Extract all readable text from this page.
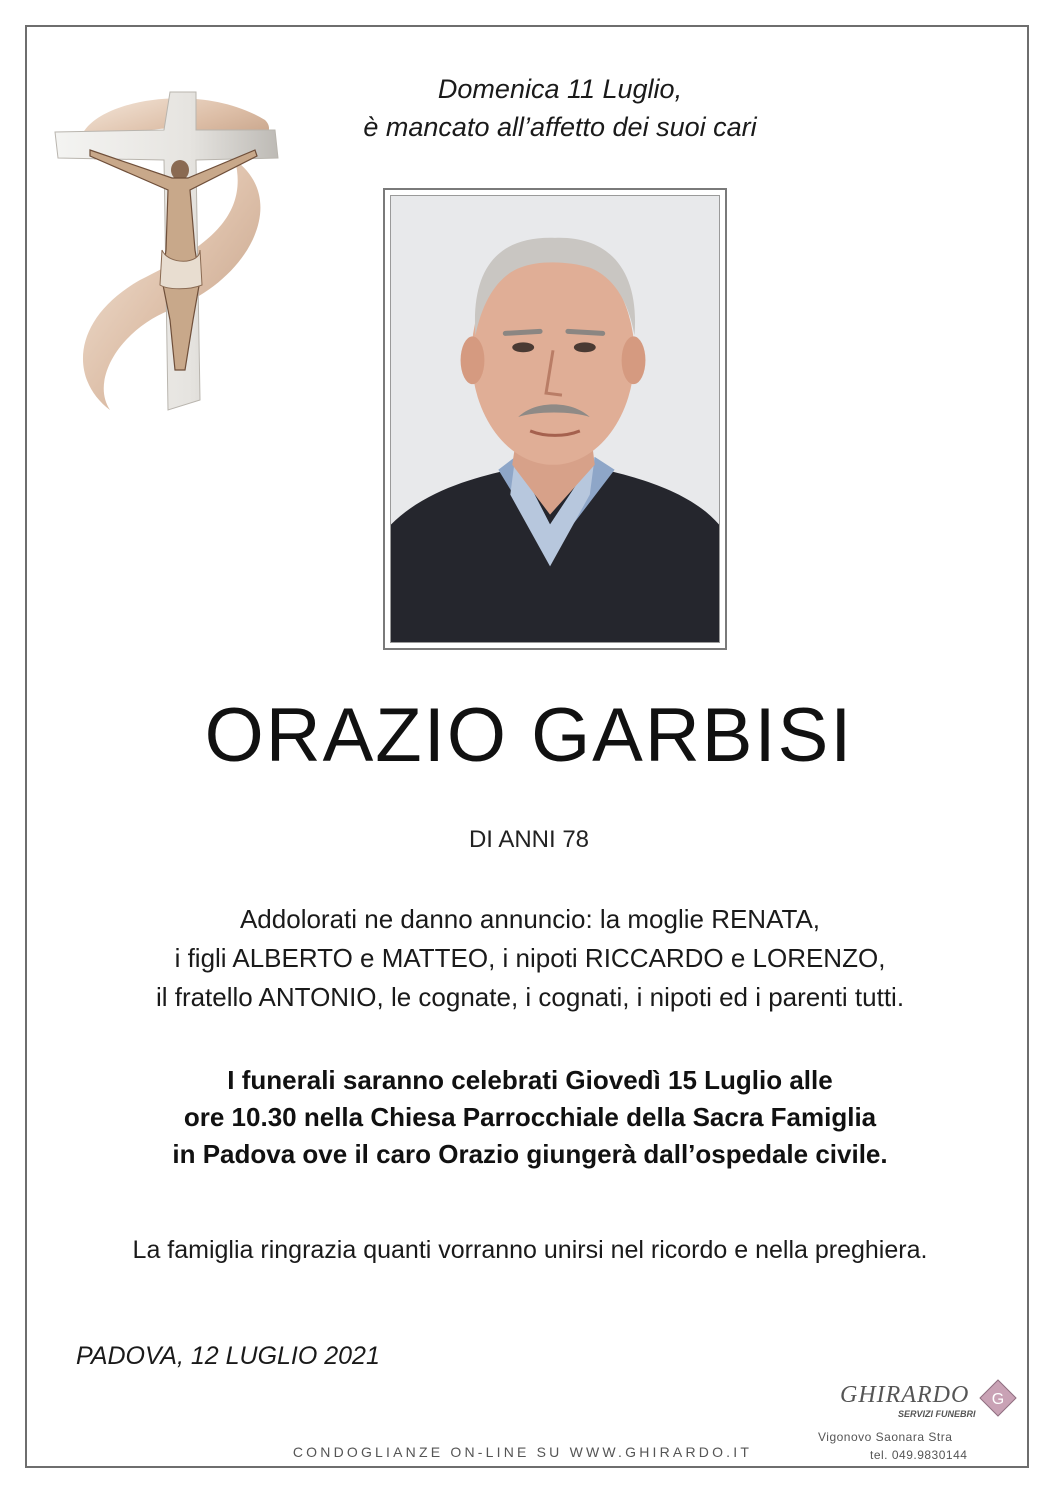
Domenica 11 Luglio,
è mancato all’affetto dei suoi cari
ORAZIO GARBISI
DI ANNI 78
Addolorati ne danno annuncio: la moglie RENATA,
i figli ALBERTO e MATTEO, i nipoti RICCARDO e LORENZO,
il fratello ANTONIO, le cognate, i cognati, i nipoti ed i parenti tutti.
I funerali saranno celebrati Giovedì 15 Luglio alle
ore 10.30 nella Chiesa Parrocchiale della Sacra Famiglia
in Padova ove il caro Orazio giungerà dall’ospedale civile.
La famiglia ringrazia quanti vorranno unirsi nel ricordo e nella preghiera.
PADOVA, 12 LUGLIO 2021
GHIRARDO
SERVIZI FUNEBRI
G
Vigonovo Saonara Stra
tel. 049.9830144
CONDOGLIANZE ON-LINE SU WWW.GHIRARDO.IT
